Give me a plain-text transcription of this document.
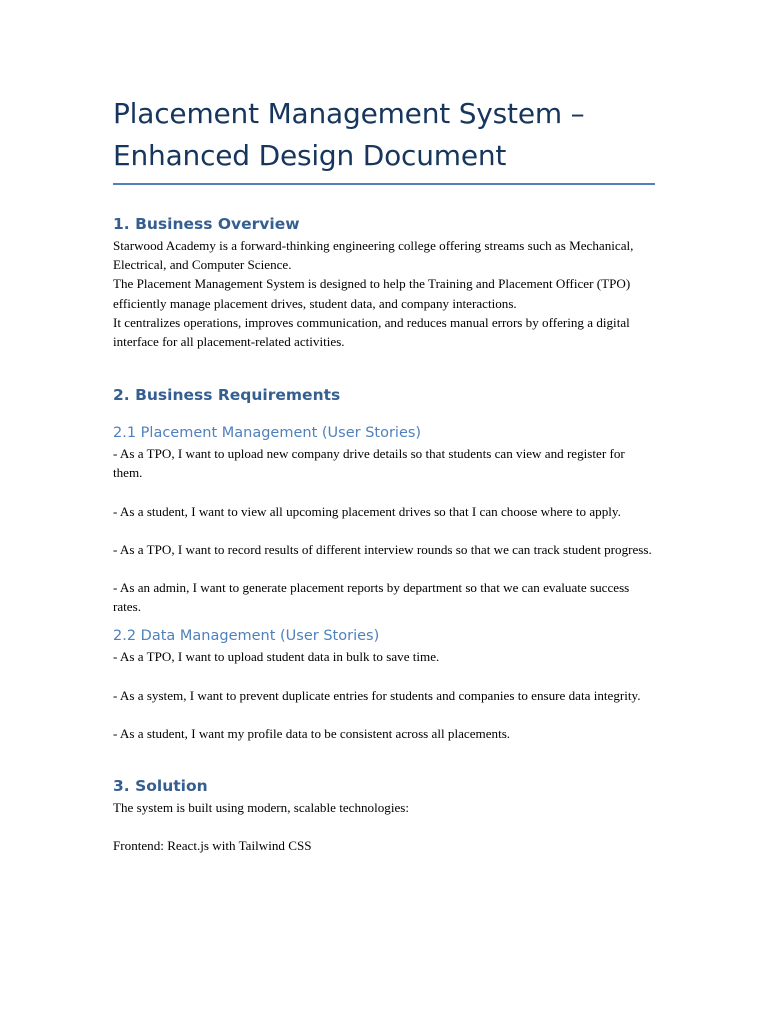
Placement Management System –
Enhanced Design Document
1. Business Overview

Starwood Academy is a forward-thinking engineering college offering streams such as Mechanical, Electrical, and Computer Science.

The Placement Management System is designed to help the Training and Placement Officer (TPO) efficiently manage placement drives, student data, and company interactions.

It centralizes operations, improves communication, and reduces manual errors by offering a digital interface for all placement-related activities.

2. Business Requirements
2.1 Placement Management (User Stories)

- As a TPO, I want to upload new company drive details so that students can view and register for them.

- As a student, I want to view all upcoming placement drives so that I can choose where to apply.

- As a TPO, I want to record results of different interview rounds so that we can track student progress.

- As an admin, I want to generate placement reports by department so that we can evaluate success rates.

2.2 Data Management (User Stories)

- As a TPO, I want to upload student data in bulk to save time.

- As a system, I want to prevent duplicate entries for students and companies to ensure data integrity.

- As a student, I want my profile data to be consistent across all placements.

3. Solution

The system is built using modern, scalable technologies:

Frontend: React.js with Tailwind CSS
